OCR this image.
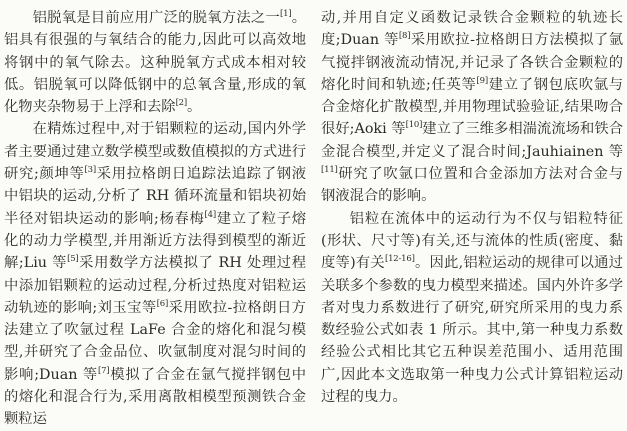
铝脱氧是目前应用广泛的脱氧方法之一[1]。铝具有很强的与氧结合的能力,因此可以高效地将钢中的氧气除去。这种脱氧方式成本相对较低。铝脱氧可以降低钢中的总氧含量,形成的氧化物夹杂物易于上浮和去除[2]。

在精炼过程中,对于铝颗粒的运动,国内外学者主要通过建立数学模型或数值模拟的方式进行研究;颜坤等[3]采用拉格朗日追踪法追踪了钢液中铝块的运动,分析了 RH 循环流量和铝块初始半径对铝块运动的影响;杨春梅[4]建立了粒子熔化的动力学模型,并用渐近方法得到模型的渐近解;Liu 等[5]采用数学方法模拟了 RH 处理过程中添加铝颗粒的运动过程,分析过热度对铝粒运动轨迹的影响;刘玉宝等[6]采用欧拉-拉格朗日方法建立了吹氩过程 LaFe 合金的熔化和混匀模型,并研究了合金品位、吹氩制度对混匀时间的影响;Duan 等[7]模拟了合金在氩气搅拌钢包中的熔化和混合行为,采用离散相模型预测铁合金颗粒运

动,并用自定义函数记录铁合金颗粒的轨迹长度;Duan 等[8]采用欧拉-拉格朗日方法模拟了氩气搅拌钢液流动情况,并记录了各铁合金颗粒的熔化时间和轨迹;任英等[9]建立了钢包底吹氩与合金熔化扩散模型,并用物理试验验证,结果吻合很好;Aoki 等[10]建立了三维多相湍流流场和铁合金混合模型,并定义了混合时间;Jauhiainen 等[11]研究了吹氩口位置和合金添加方法对合金与钢液混合的影响。

铝粒在流体中的运动行为不仅与铝粒特征(形状、尺寸等)有关,还与流体的性质(密度、黏度等)有关[12-16]。因此,铝粒运动的规律可以通过关联多个参数的曳力模型来描述。国内外许多学者对曳力系数进行了研究,研究所采用的曳力系数经验公式如表 1 所示。其中,第一种曳力系数经验公式相比其它五种误差范围小、适用范围广,因此本文选取第一种曳力公式计算铝粒运动过程的曳力。
